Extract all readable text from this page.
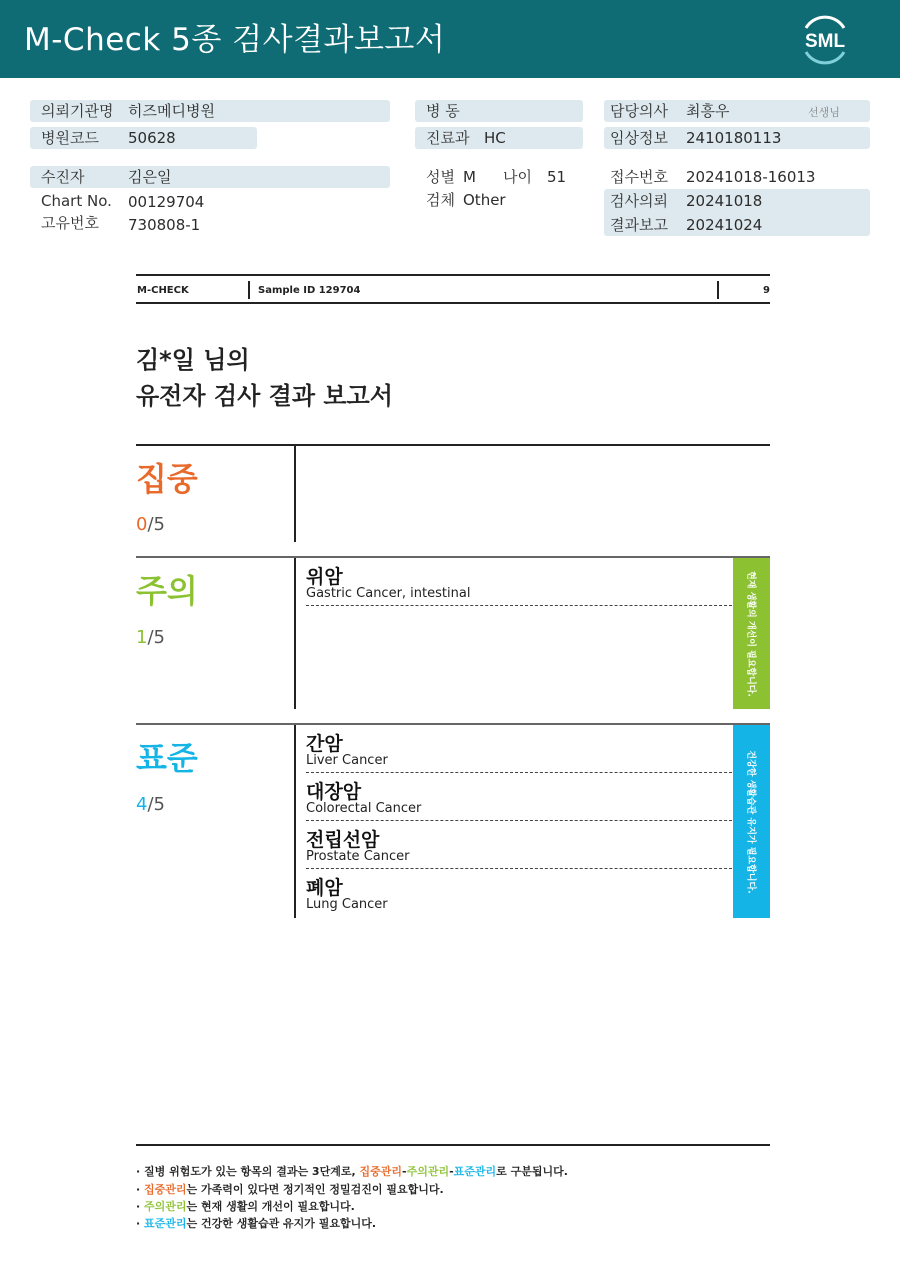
M-Check 5종 검사결과보고서	SML
의뢰기관명 히즈메디병원
병원코드 50628
병 동
진료과 HC
담당의사 최흥우	선생님
임상정보 2410180113
수진자	김은일
Chart No. 00129704
고유번호 730808-1
성별 M 나이 51
검체 Other
접수번호 20241018-16013
검사의뢰 20241018
결과보고 20241024
M-CHECK	Sample ID 129704	9
김*일 님의
유전자 검사 결과 보고서
집중
0/5
주의
1/5
위암
Gastric Cancer, intestinal	현재 생활의 개선이 필요합니다.
표준
4/5
간암
Liver Cancer
대장암
Colorectal Cancer
전립선암
Prostate Cancer
폐암
Lung Cancer
건강한 생활습관 유지가 필요합니다.
· 질병 위험도가 있는 항목의 결과는 3단계로, 집중관리-주의관리-표준관리로 구분됩니다.
· 집중관리는 가족력이 있다면 정기적인 정밀검진이 필요합니다.
· 주의관리는 현재 생활의 개선이 필요합니다.
· 표준관리는 건강한 생활습관 유지가 필요합니다.
